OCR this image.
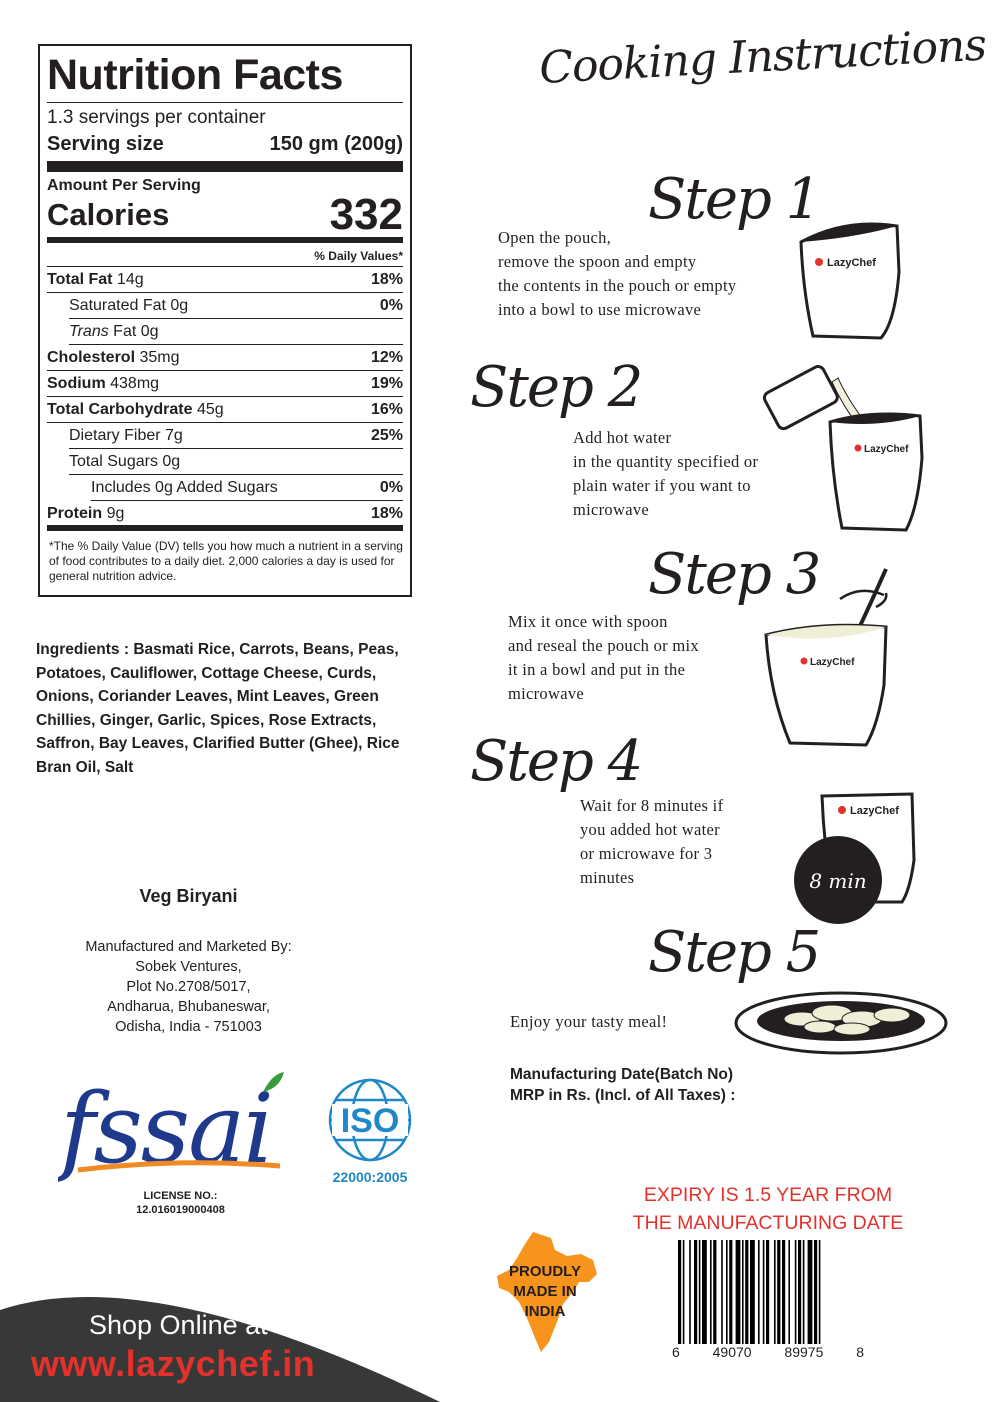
Nutrition Facts
1.3 servings per container
Serving size	150 gm (200g)
Amount Per Serving
Calories	332
% Daily Values*
Total Fat 14g	18%
Saturated Fat 0g	0%
Trans Fat 0g
Cholesterol 35mg	12%
Sodium 438mg	19%
Total Carbohydrate 45g	16%
Dietary Fiber 7g	25%
Total Sugars 0g
Includes 0g Added Sugars	0%
Protein 9g	18%
*The % Daily Value (DV) tells you how much a nutrient in a serving of food contributes to a daily diet. 2,000 calories a day is used for general nutrition advice.
Ingredients : Basmati Rice, Carrots, Beans, Peas, Potatoes, Cauliflower, Cottage Cheese, Curds, Onions, Coriander Leaves, Mint Leaves, Green Chillies, Ginger, Garlic, Spices, Rose Extracts, Saffron, Bay Leaves, Clarified Butter (Ghee), Rice Bran Oil, Salt
Veg Biryani
Manufactured and Marketed By:
Sobek Ventures,
Plot No.2708/5017,
Andharua, Bhubaneswar,
Odisha, India - 751003
fssai
LICENSE NO.:
12.016019000408
ISO
22000:2005
Shop Online at
www.lazychef.in
Cooking Instructions
Step 1
Open the pouch,
remove the spoon and empty
the contents in the pouch or empty
into a bowl to use microwave
LazyChef
Step 2
Add hot water
in the quantity specified or
plain water if you want to
microwave
LazyChef
Step 3
Mix it once with spoon
and reseal the pouch or mix
it in a bowl and put in the
microwave
LazyChef
Step 4
Wait for 8 minutes if
you added hot water
or microwave for 3
minutes
LazyChef
8 min
Step 5
Enjoy your tasty meal!
Manufacturing Date(Batch No)
MRP in Rs. (Incl. of All Taxes) :
EXPIRY IS 1.5 YEAR FROM
THE MANUFACTURING DATE
PROUDLY
MADE IN
INDIA
6 49070 89975 8
